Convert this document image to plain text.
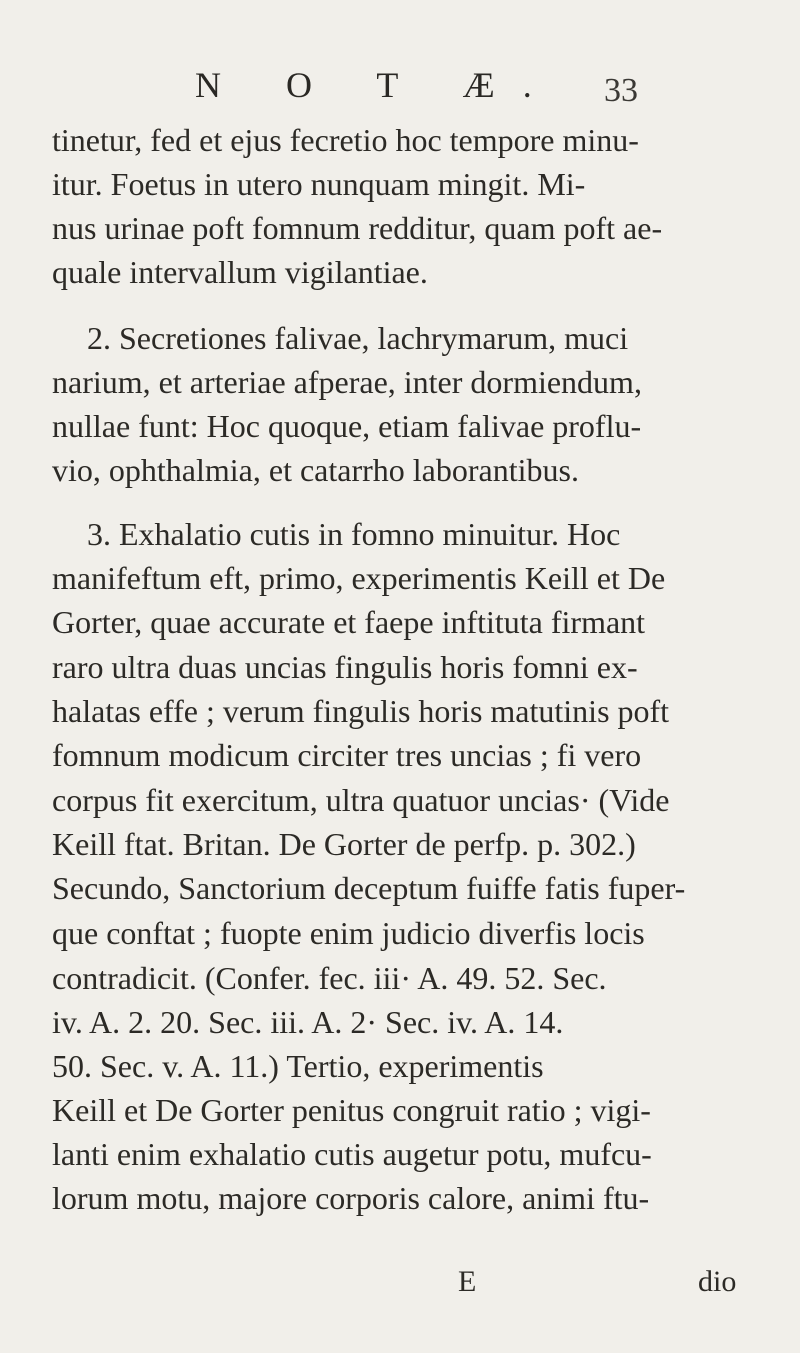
N O T Æ. 33
tinetur, fed et ejus fecretio hoc tempore minu-
itur. Foetus in utero nunquam mingit. Mi-
nus urinae poft fomnum redditur, quam poft ae-
quale intervallum vigilantiae.
2. Secretiones falivae, lachrymarum, muci
narium, et arteriae afperae, inter dormiendum,
nullae funt: Hoc quoque, etiam falivae proflu-
vio, ophthalmia, et catarrho laborantibus.
3. Exhalatio cutis in fomno minuitur. Hoc
manifeftum eft, primo, experimentis Keill et De
Gorter, quae accurate et faepe inftituta firmant
raro ultra duas uncias fingulis horis fomni ex-
halatas effe ; verum fingulis horis matutinis poft
fomnum modicum circiter tres uncias ; fi vero
corpus fit exercitum, ultra quatuor uncias· (Vide
Keill ftat. Britan. De Gorter de perfp. p. 302.)
Secundo, Sanctorium deceptum fuiffe fatis fuper-
que conftat ; fuopte enim judicio diverfis locis
contradicit. (Confer. fec. iii· A. 49. 52. Sec.
iv. A. 2. 20. Sec. iii. A. 2· Sec. iv. A. 14.
50. Sec. v. A. 11.) Tertio, experimentis
Keill et De Gorter penitus congruit ratio ; vigi-
lanti enim exhalatio cutis augetur potu, mufcu-
lorum motu, majore corporis calore, animi ftu-
E	dio
